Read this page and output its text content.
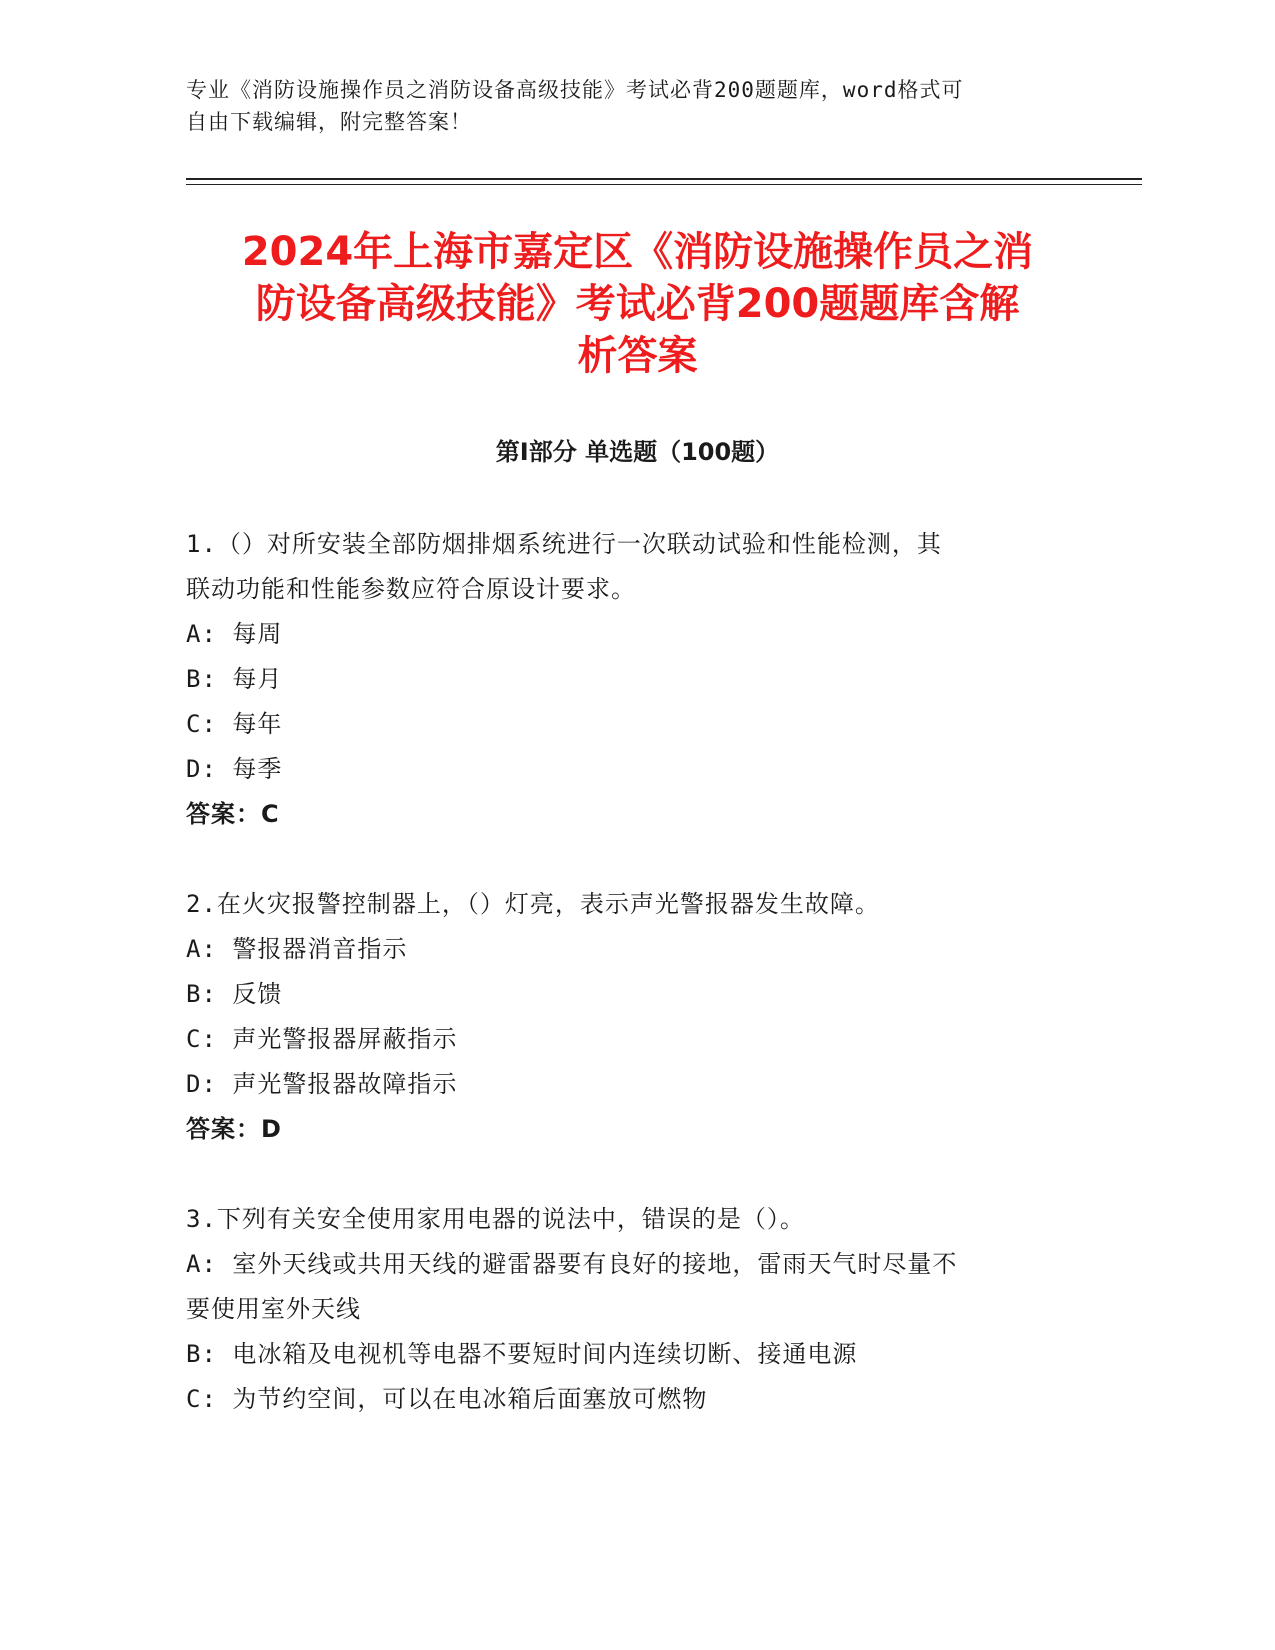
专业《消防设施操作员之消防设备高级技能》考试必背200题题库，word格式可
自由下载编辑，附完整答案！
2024年上海市嘉定区《消防设施操作员之消
防设备高级技能》考试必背200题题库含解
析答案
第I部分 单选题（100题）
1.（）对所安装全部防烟排烟系统进行一次联动试验和性能检测，其
联动功能和性能参数应符合原设计要求。
A: 每周
B: 每月
C: 每年
D: 每季
答案：C
2.在火灾报警控制器上，（）灯亮，表示声光警报器发生故障。
A: 警报器消音指示
B: 反馈
C: 声光警报器屏蔽指示
D: 声光警报器故障指示
答案：D
3.下列有关安全使用家用电器的说法中，错误的是（）。
A: 室外天线或共用天线的避雷器要有良好的接地，雷雨天气时尽量不
要使用室外天线
B: 电冰箱及电视机等电器不要短时间内连续切断、接通电源
C: 为节约空间，可以在电冰箱后面塞放可燃物
